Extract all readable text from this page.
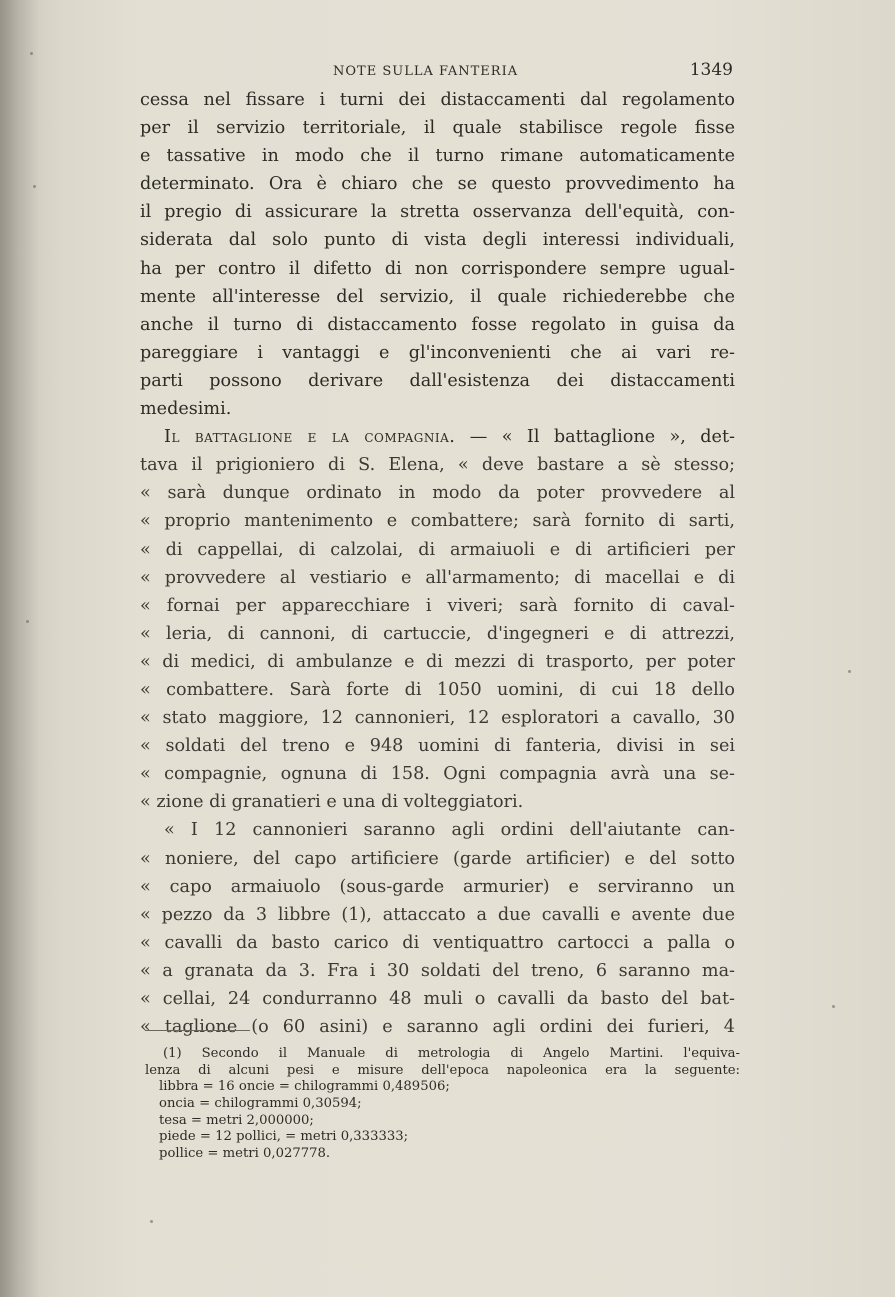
NOTE SULLA FANTERIA	1349
cessa nel fissare i turni dei distaccamenti dal regolamento
per il servizio territoriale, il quale stabilisce regole fisse
e tassative in modo che il turno rimane automaticamente
determinato. Ora è chiaro che se questo provvedimento ha
il pregio di assicurare la stretta osservanza dell'equità, con-
siderata dal solo punto di vista degli interessi individuali,
ha per contro il difetto di non corrispondere sempre ugual-
mente all'interesse del servizio, il quale richiederebbe che
anche il turno di distaccamento fosse regolato in guisa da
pareggiare i vantaggi e gl'inconvenienti che ai vari re-
parti possono derivare dall'esistenza dei distaccamenti
medesimi.
Il battaglione e la compagnia. — « Il battaglione », det-
tava il prigioniero di S. Elena, « deve bastare a sè stesso;
« sarà dunque ordinato in modo da poter provvedere al
« proprio mantenimento e combattere; sarà fornito di sarti,
« di cappellai, di calzolai, di armaiuoli e di artificieri per
« provvedere al vestiario e all'armamento; di macellai e di
« fornai per apparecchiare i viveri; sarà fornito di caval-
« leria, di cannoni, di cartuccie, d'ingegneri e di attrezzi,
« di medici, di ambulanze e di mezzi di trasporto, per poter
« combattere. Sarà forte di 1050 uomini, di cui 18 dello
« stato maggiore, 12 cannonieri, 12 esploratori a cavallo, 30
« soldati del treno e 948 uomini di fanteria, divisi in sei
« compagnie, ognuna di 158. Ogni compagnia avrà una se-
« zione di granatieri e una di volteggiatori.
« I 12 cannonieri saranno agli ordini dell'aiutante can-
« noniere, del capo artificiere (garde artificier) e del sotto
« capo armaiuolo (sous-garde armurier) e serviranno un
« pezzo da 3 libbre (1), attaccato a due cavalli e avente due
« cavalli da basto carico di ventiquattro cartocci a palla o
« a granata da 3. Fra i 30 soldati del treno, 6 saranno ma-
« cellai, 24 condurranno 48 muli o cavalli da basto del bat-
« taglione (o 60 asini) e saranno agli ordini dei furieri, 4
(1) Secondo il Manuale di metrologia di Angelo Martini. l'equiva-
lenza di alcuni pesi e misure dell'epoca napoleonica era la seguente:
libbra = 16 oncie = chilogrammi 0,489506;
oncia = chilogrammi 0,30594;
tesa = metri 2,000000;
piede = 12 pollici, = metri 0,333333;
pollice = metri 0,027778.
